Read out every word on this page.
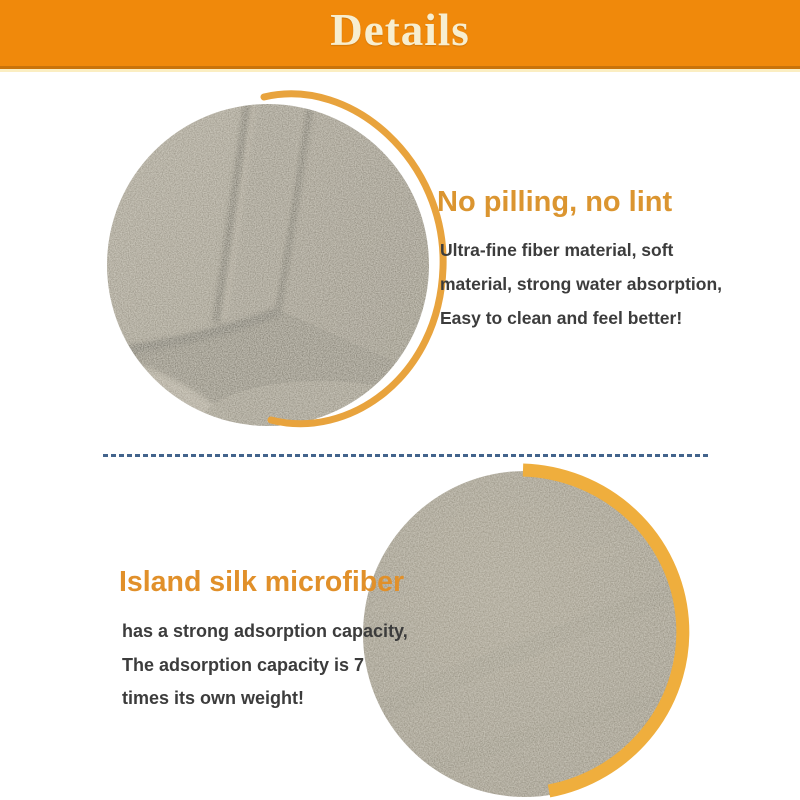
Details
No pilling, no lint
Ultra-fine fiber material, soft
material, strong water absorption,
Easy to clean and feel better!
Island silk microfiber
has a strong adsorption capacity,
The adsorption capacity is 7
times its own weight!
